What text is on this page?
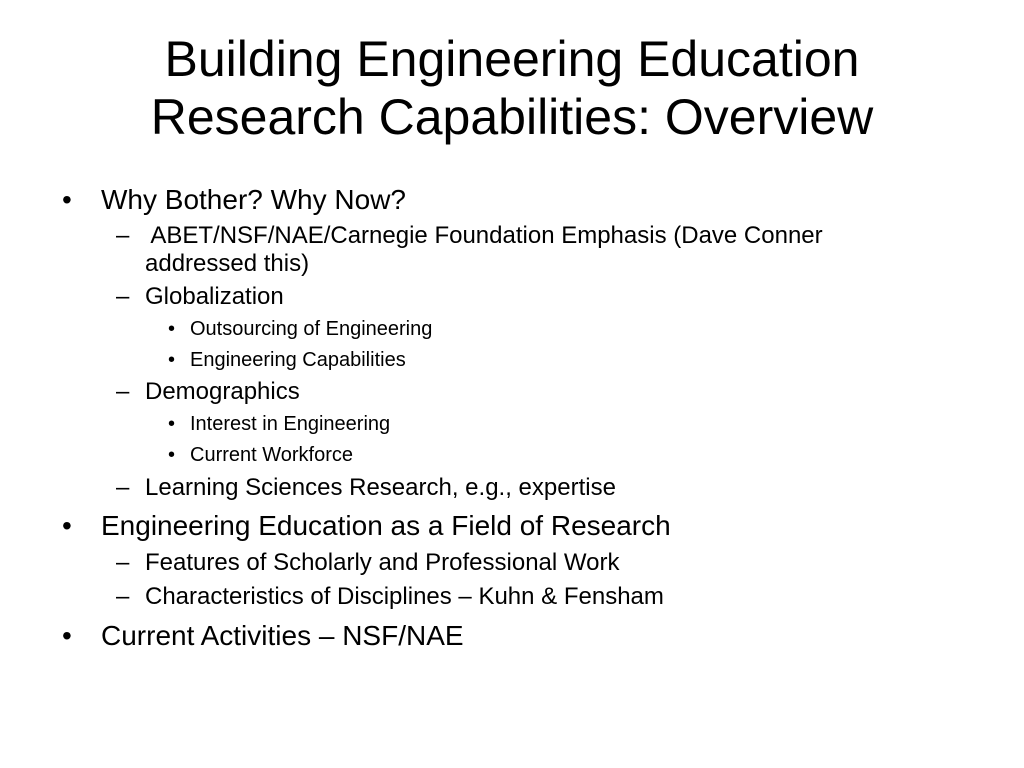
Building Engineering Education
Research Capabilities: Overview
• Why Bother? Why Now?
– ABET/NSF/NAE/Carnegie Foundation Emphasis (Dave Conner
addressed this)
– Globalization
• Outsourcing of Engineering
• Engineering Capabilities
– Demographics
• Interest in Engineering
• Current Workforce
– Learning Sciences Research, e.g., expertise
• Engineering Education as a Field of Research
– Features of Scholarly and Professional Work
– Characteristics of Disciplines – Kuhn & Fensham
• Current Activities – NSF/NAE
